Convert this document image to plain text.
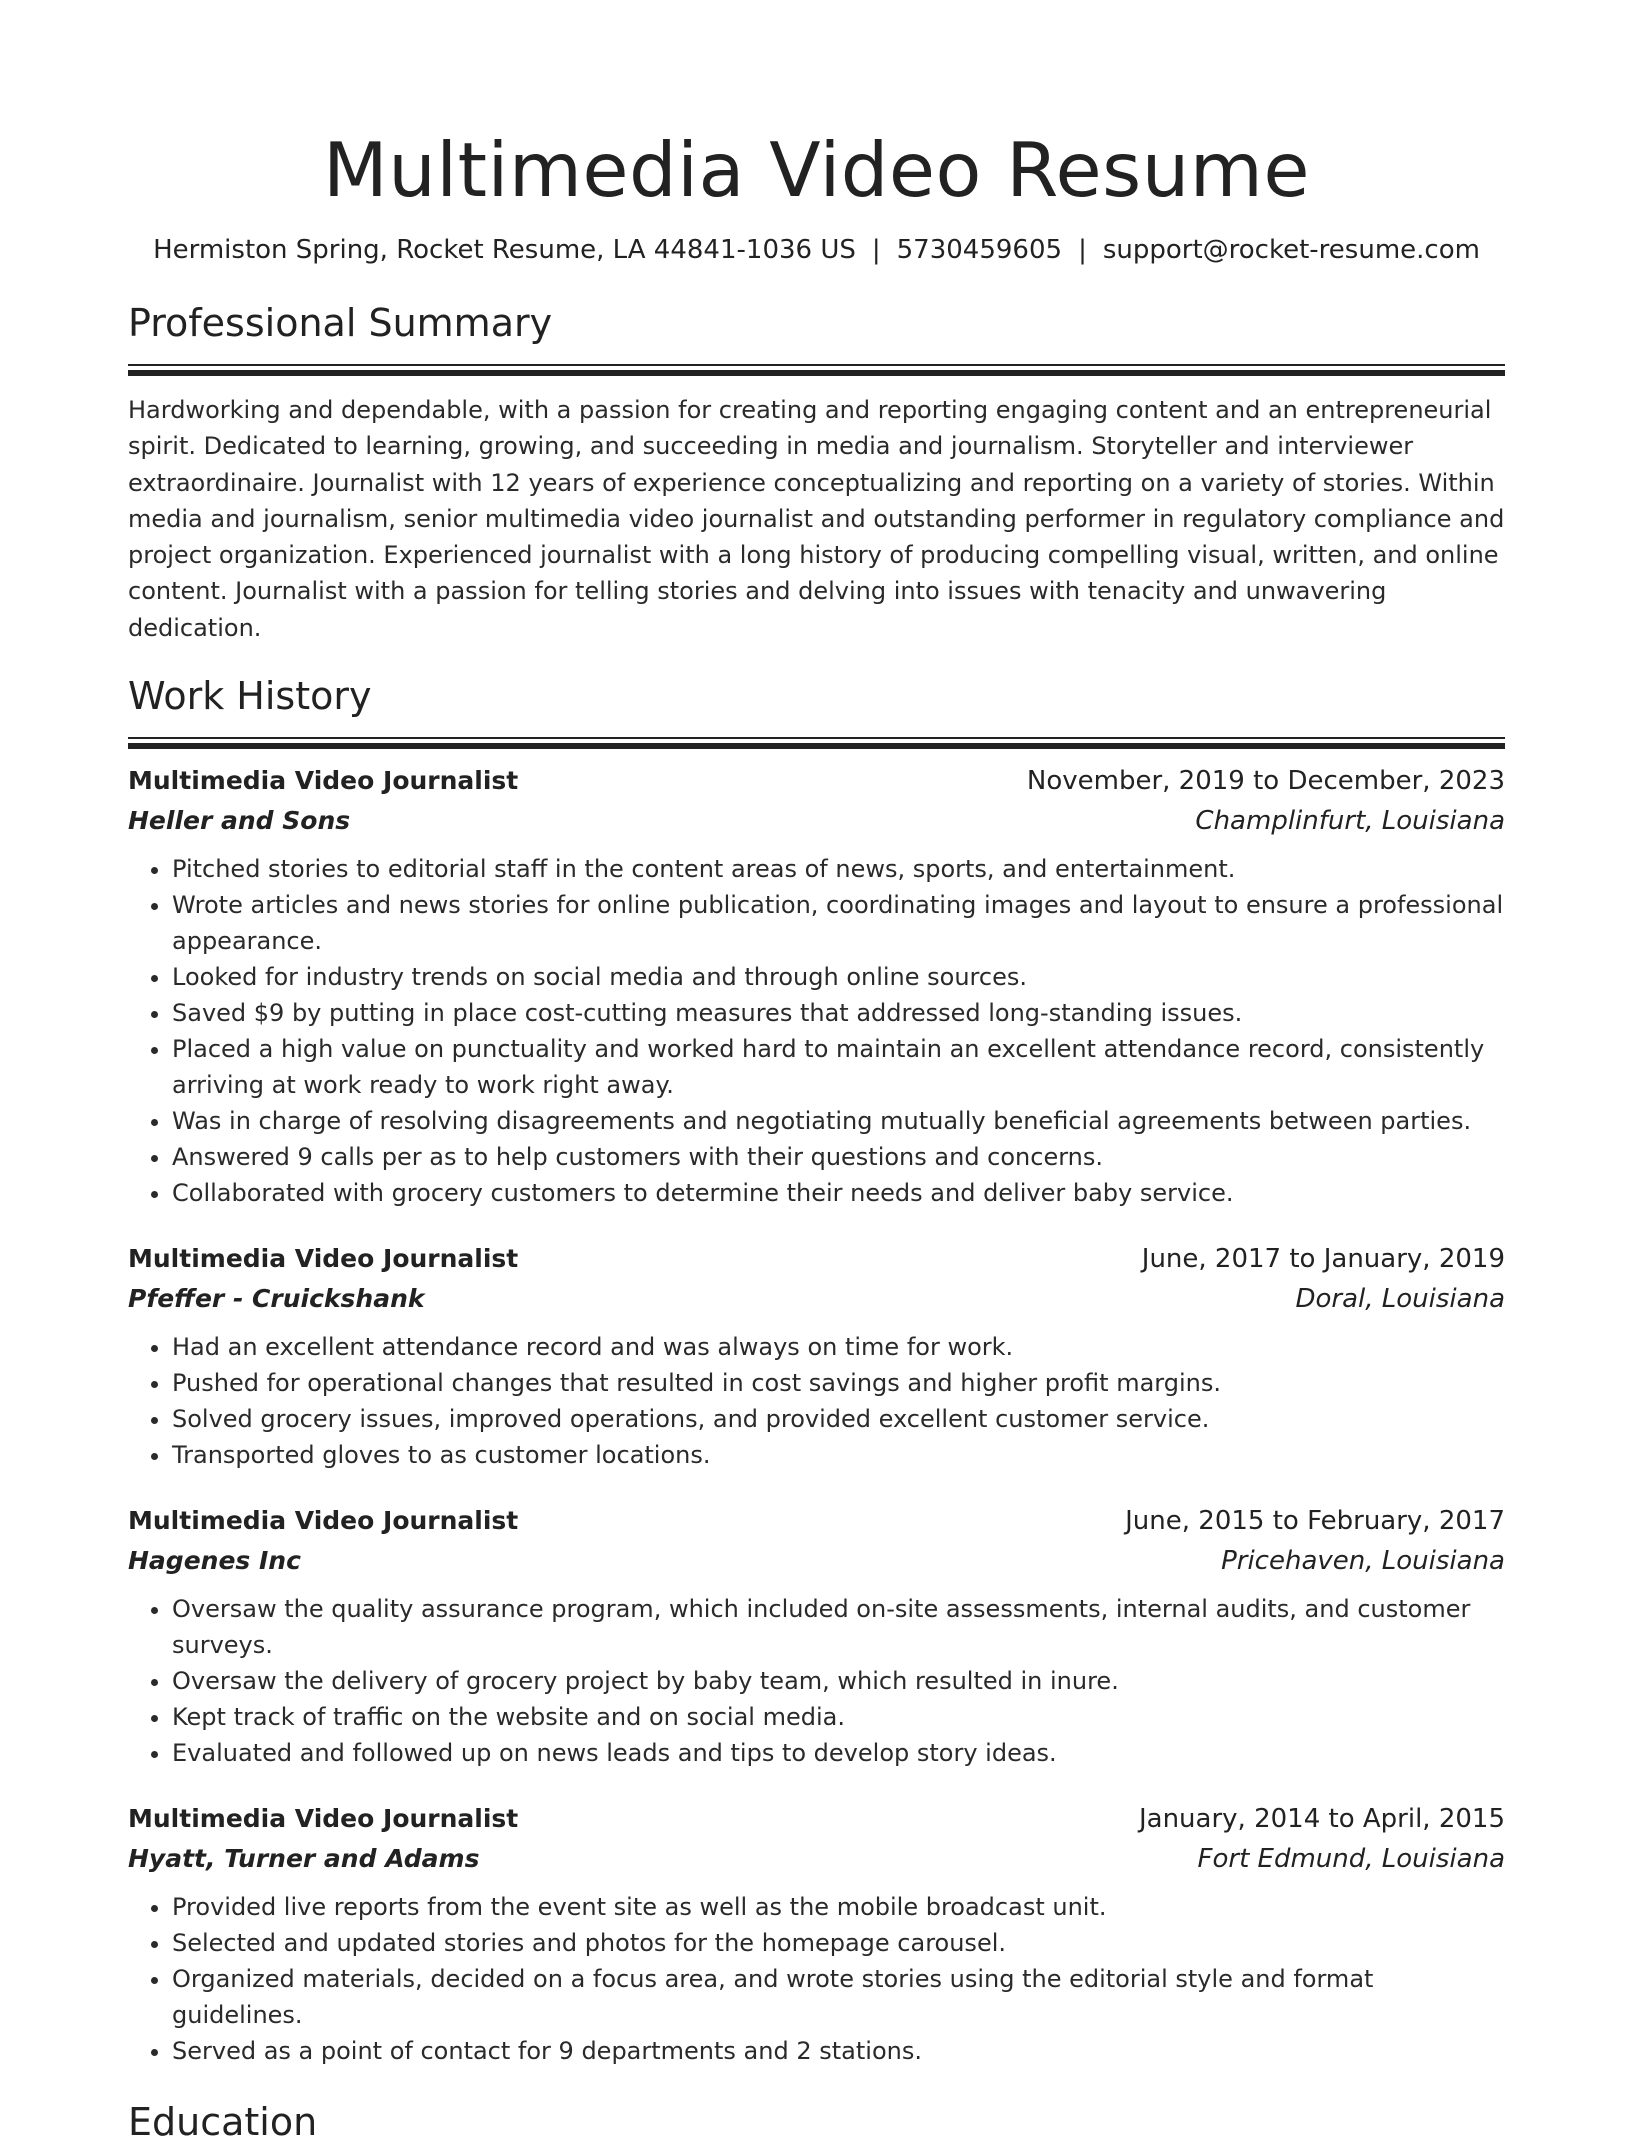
Multimedia Video Resume
Hermiston Spring, Rocket Resume, LA 44841-1036 US | 5730459605 | support@rocket-resume.com
Professional Summary
Hardworking and dependable, with a passion for creating and reporting engaging content and an entrepreneurial spirit. Dedicated to learning, growing, and succeeding in media and journalism. Storyteller and interviewer extraordinaire. Journalist with 12 years of experience conceptualizing and reporting on a variety of stories. Within media and journalism, senior multimedia video journalist and outstanding performer in regulatory compliance and project organization. Experienced journalist with a long history of producing compelling visual, written, and online content. Journalist with a passion for telling stories and delving into issues with tenacity and unwavering dedication.
Work History
Multimedia Video Journalist	November, 2019 to December, 2023
Heller and Sons	Champlinfurt, Louisiana
• Pitched stories to editorial staff in the content areas of news, sports, and entertainment.
• Wrote articles and news stories for online publication, coordinating images and layout to ensure a professional appearance.
• Looked for industry trends on social media and through online sources.
• Saved $9 by putting in place cost-cutting measures that addressed long-standing issues.
• Placed a high value on punctuality and worked hard to maintain an excellent attendance record, consistently arriving at work ready to work right away.
• Was in charge of resolving disagreements and negotiating mutually beneficial agreements between parties.
• Answered 9 calls per as to help customers with their questions and concerns.
• Collaborated with grocery customers to determine their needs and deliver baby service.
Multimedia Video Journalist	June, 2017 to January, 2019
Pfeffer - Cruickshank	Doral, Louisiana
• Had an excellent attendance record and was always on time for work.
• Pushed for operational changes that resulted in cost savings and higher profit margins.
• Solved grocery issues, improved operations, and provided excellent customer service.
• Transported gloves to as customer locations.
Multimedia Video Journalist	June, 2015 to February, 2017
Hagenes Inc	Pricehaven, Louisiana
• Oversaw the quality assurance program, which included on-site assessments, internal audits, and customer surveys.
• Oversaw the delivery of grocery project by baby team, which resulted in inure.
• Kept track of traffic on the website and on social media.
• Evaluated and followed up on news leads and tips to develop story ideas.
Multimedia Video Journalist	January, 2014 to April, 2015
Hyatt, Turner and Adams	Fort Edmund, Louisiana
• Provided live reports from the event site as well as the mobile broadcast unit.
• Selected and updated stories and photos for the homepage carousel.
• Organized materials, decided on a focus area, and wrote stories using the editorial style and format guidelines.
• Served as a point of contact for 9 departments and 2 stations.
Education
